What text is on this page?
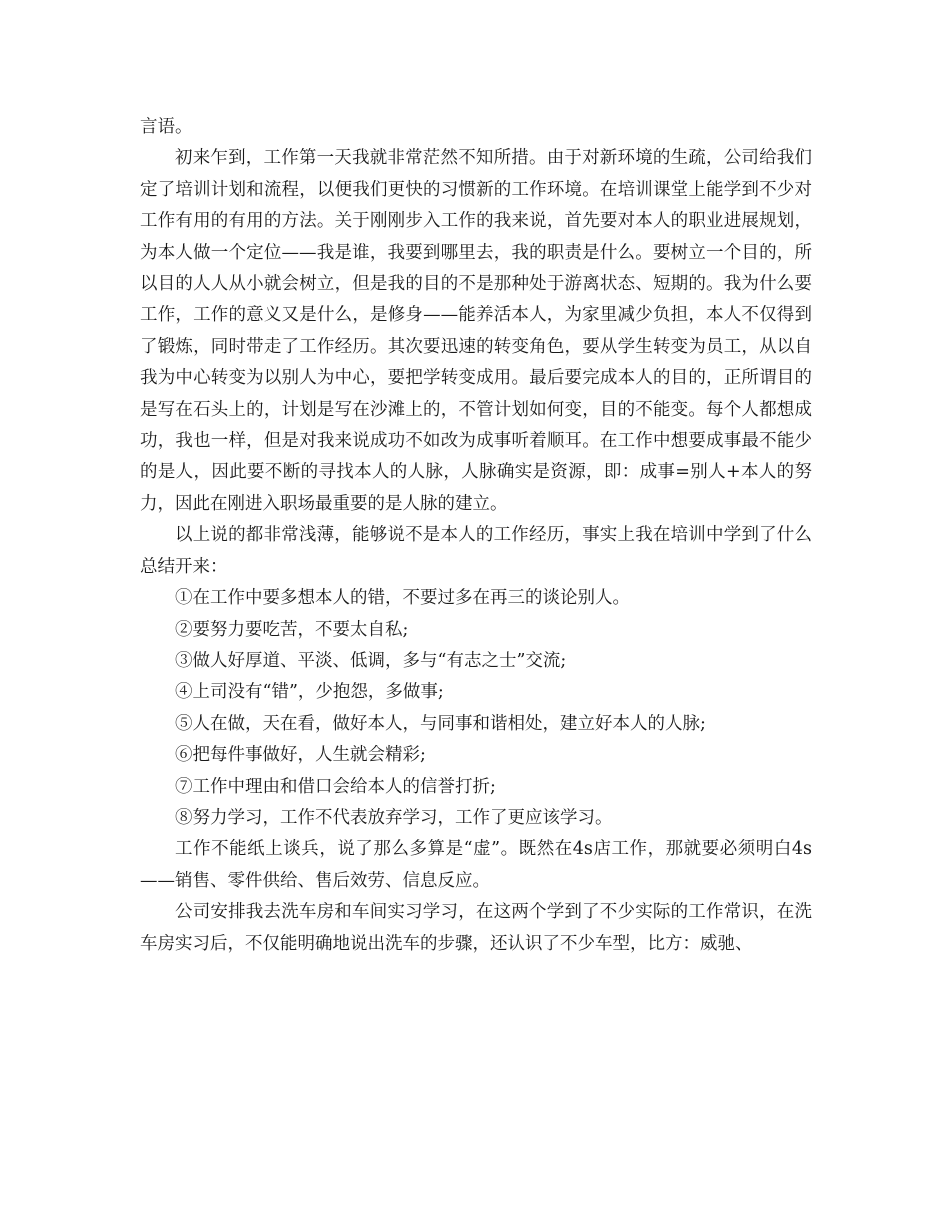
言语。

初来乍到，工作第一天我就非常茫然不知所措。由于对新环境的生疏，公司给我们定了培训计划和流程，以便我们更快的习惯新的工作环境。在培训课堂上能学到不少对工作有用的有用的方法。关于刚刚步入工作的我来说，首先要对本人的职业进展规划，为本人做一个定位——我是谁，我要到哪里去，我的职责是什么。要树立一个目的，所以目的人人从小就会树立，但是我的目的不是那种处于游离状态、短期的。我为什么要工作，工作的意义又是什么，是修身——能养活本人，为家里减少负担，本人不仅得到了锻炼，同时带走了工作经历。其次要迅速的转变角色，要从学生转变为员工，从以自我为中心转变为以别人为中心，要把学转变成用。最后要完成本人的目的，正所谓目的是写在石头上的，计划是写在沙滩上的，不管计划如何变，目的不能变。每个人都想成功，我也一样，但是对我来说成功不如改为成事听着顺耳。在工作中想要成事最不能少的是人，因此要不断的寻找本人的人脉，人脉确实是资源，即：成事=别人+本人的努力，因此在刚进入职场最重要的是人脉的建立。

以上说的都非常浅薄，能够说不是本人的工作经历，事实上我在培训中学到了什么总结开来：

①在工作中要多想本人的错，不要过多在再三的谈论别人。

②要努力要吃苦，不要太自私;

③做人好厚道、平淡、低调，多与“有志之士”交流;

④上司没有“错”，少抱怨，多做事;

⑤人在做，天在看，做好本人，与同事和谐相处，建立好本人的人脉;

⑥把每件事做好，人生就会精彩;

⑦工作中理由和借口会给本人的信誉打折;

⑧努力学习，工作不代表放弃学习，工作了更应该学习。

工作不能纸上谈兵，说了那么多算是“虚”。既然在4s店工作，那就要必须明白4s——销售、零件供给、售后效劳、信息反应。

公司安排我去洗车房和车间实习学习，在这两个学到了不少实际的工作常识，在洗车房实习后，不仅能明确地说出洗车的步骤，还认识了不少车型，比方：威驰、
